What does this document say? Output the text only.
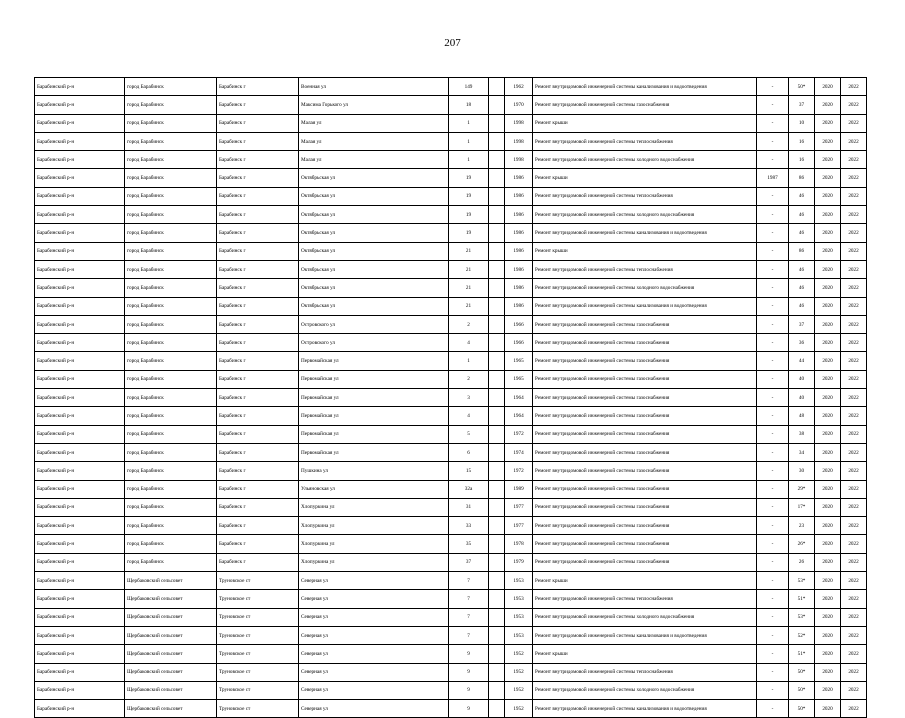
207
Барабинский р-н	город Барабинск	Барабинск г	Военная ул	149		1962	Ремонт внутридомовой инженерной системы канализования и водоотведения	-	50*	2020	2022
Барабинский р-н	город Барабинск	Барабинск г	Максима Горького ул	18		1970	Ремонт внутридомовой инженерной системы газоснабжения	-	37	2020	2022
Барабинский р-н	город Барабинск	Барабинск г	Малая ул	1		1998	Ремонт крыши	-	10	2020	2022
Барабинский р-н	город Барабинск	Барабинск г	Малая ул	1		1998	Ремонт внутридомовой инженерной системы теплоснабжения	-	16	2020	2022
Барабинский р-н	город Барабинск	Барабинск г	Малая ул	1		1998	Ремонт внутридомовой инженерной системы холодного водоснабжения	-	16	2020	2022
Барабинский р-н	город Барабинск	Барабинск г	Октябрьская ул	19		1986	Ремонт крыши	1987	86	2020	2022
Барабинский р-н	город Барабинск	Барабинск г	Октябрьская ул	19		1986	Ремонт внутридомовой инженерной системы теплоснабжения	-	46	2020	2022
Барабинский р-н	город Барабинск	Барабинск г	Октябрьская ул	19		1986	Ремонт внутридомовой инженерной системы холодного водоснабжения	-	46	2020	2022
Барабинский р-н	город Барабинск	Барабинск г	Октябрьская ул	19		1986	Ремонт внутридомовой инженерной системы канализования и водоотведения	-	46	2020	2022
Барабинский р-н	город Барабинск	Барабинск г	Октябрьская ул	21		1986	Ремонт крыши	-	86	2020	2022
Барабинский р-н	город Барабинск	Барабинск г	Октябрьская ул	21		1986	Ремонт внутридомовой инженерной системы теплоснабжения	-	46	2020	2022
Барабинский р-н	город Барабинск	Барабинск г	Октябрьская ул	21		1986	Ремонт внутридомовой инженерной системы холодного водоснабжения	-	46	2020	2022
Барабинский р-н	город Барабинск	Барабинск г	Октябрьская ул	21		1986	Ремонт внутридомовой инженерной системы канализования и водоотведения	-	46	2020	2022
Барабинский р-н	город Барабинск	Барабинск г	Островского ул	2		1966	Ремонт внутридомовой инженерной системы газоснабжения	-	37	2020	2022
Барабинский р-н	город Барабинск	Барабинск г	Островского ул	4		1966	Ремонт внутридомовой инженерной системы газоснабжения	-	36	2020	2022
Барабинский р-н	город Барабинск	Барабинск г	Первомайская ул	1		1965	Ремонт внутридомовой инженерной системы газоснабжения	-	44	2020	2022
Барабинский р-н	город Барабинск	Барабинск г	Первомайская ул	2		1965	Ремонт внутридомовой инженерной системы газоснабжения	-	40	2020	2022
Барабинский р-н	город Барабинск	Барабинск г	Первомайская ул	3		1964	Ремонт внутридомовой инженерной системы газоснабжения	-	40	2020	2022
Барабинский р-н	город Барабинск	Барабинск г	Первомайская ул	4		1964	Ремонт внутридомовой инженерной системы газоснабжения	-	48	2020	2022
Барабинский р-н	город Барабинск	Барабинск г	Первомайская ул	5		1972	Ремонт внутридомовой инженерной системы газоснабжения	-	38	2020	2022
Барабинский р-н	город Барабинск	Барабинск г	Первомайская ул	6		1974	Ремонт внутридомовой инженерной системы газоснабжения	-	34	2020	2022
Барабинский р-н	город Барабинск	Барабинск г	Пушкина ул	15		1972	Ремонт внутридомовой инженерной системы газоснабжения	-	30	2020	2022
Барабинский р-н	город Барабинск	Барабинск г	Ульяновская ул	32а		1989	Ремонт внутридомовой инженерной системы газоснабжения	-	29*	2020	2022
Барабинский р-н	город Барабинск	Барабинск г	Хлопуркина ул	31		1977	Ремонт внутридомовой инженерной системы газоснабжения	-	17*	2020	2022
Барабинский р-н	город Барабинск	Барабинск г	Хлопуркина ул	33		1977	Ремонт внутридомовой инженерной системы газоснабжения	-	23	2020	2022
Барабинский р-н	город Барабинск	Барабинск г	Хлопуркина ул	35		1978	Ремонт внутридомовой инженерной системы газоснабжения	-	26*	2020	2022
Барабинский р-н	город Барабинск	Барабинск г	Хлопуркина ул	37		1979	Ремонт внутридомовой инженерной системы газоснабжения	-	26	2020	2022
Барабинский р-н	Щербаковский сельсовет	Труновское ст	Северная ул	7		1953	Ремонт крыши	-	53*	2020	2022
Барабинский р-н	Щербаковский сельсовет	Труновское ст	Северная ул	7		1953	Ремонт внутридомовой инженерной системы теплоснабжения	-	51*	2020	2022
Барабинский р-н	Щербаковский сельсовет	Труновское ст	Северная ул	7		1953	Ремонт внутридомовой инженерной системы холодного водоснабжения	-	53*	2020	2022
Барабинский р-н	Щербаковский сельсовет	Труновское ст	Северная ул	7		1953	Ремонт внутридомовой инженерной системы канализования и водоотведения	-	52*	2020	2022
Барабинский р-н	Щербаковский сельсовет	Труновское ст	Северная ул	9		1952	Ремонт крыши	-	51*	2020	2022
Барабинский р-н	Щербаковский сельсовет	Труновское ст	Северная ул	9		1952	Ремонт внутридомовой инженерной системы теплоснабжения	-	50*	2020	2022
Барабинский р-н	Щербаковский сельсовет	Труновское ст	Северная ул	9		1952	Ремонт внутридомовой инженерной системы холодного водоснабжения	-	50*	2020	2022
Барабинский р-н	Щербаковский сельсовет	Труновское ст	Северная ул	9		1952	Ремонт внутридомовой инженерной системы канализования и водоотведения	-	50*	2020	2022
